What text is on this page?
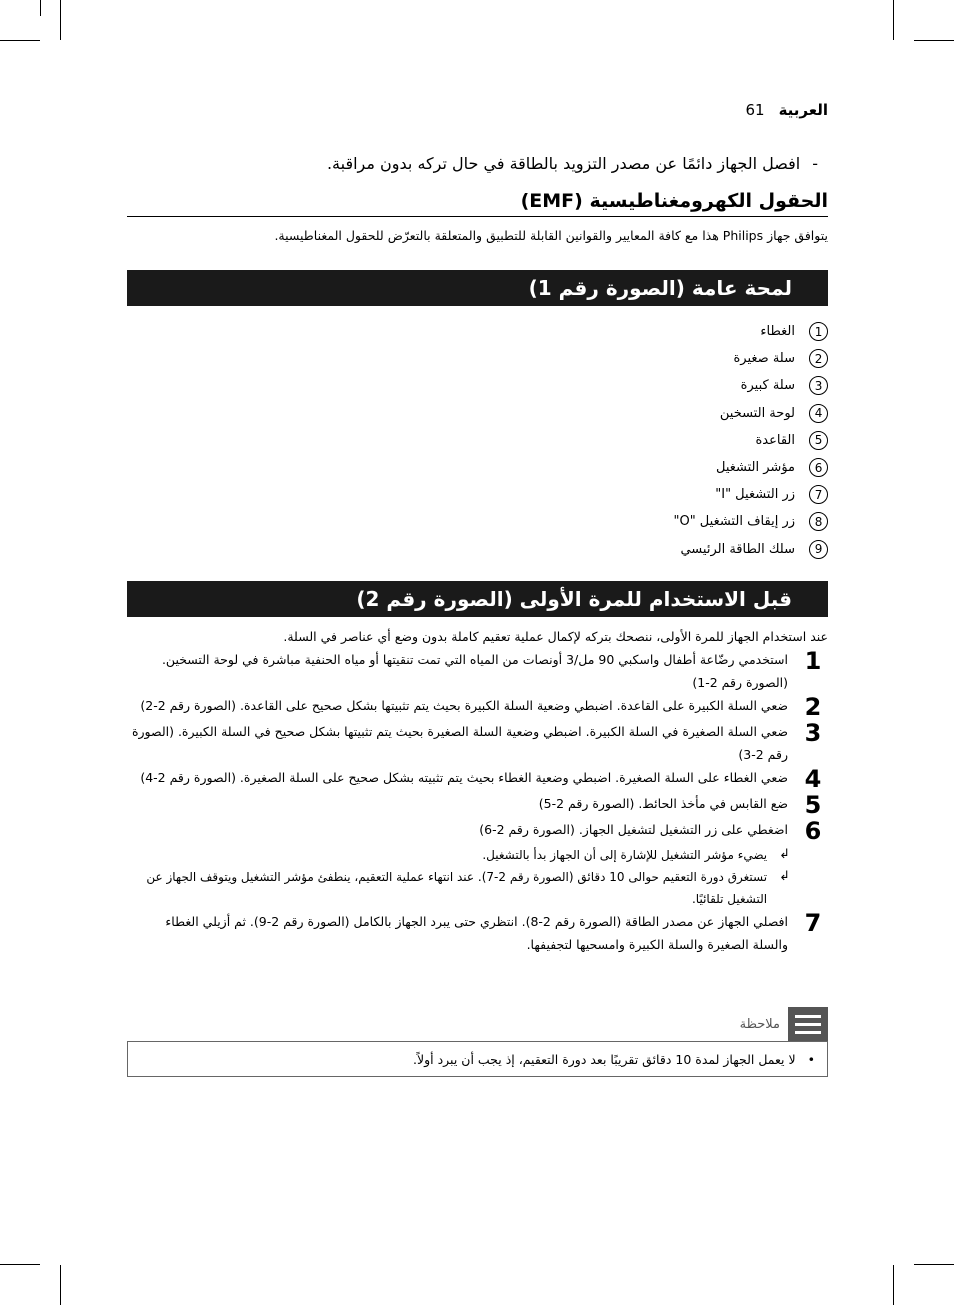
العربية
61
-
افصل الجهاز دائمًا عن مصدر التزويد بالطاقة في حال تركه بدون مراقبة.
الحقول الكهرومغناطيسية (EMF)
يتوافق جهاز Philips هذا مع كافة المعايير والقوانين القابلة للتطبيق والمتعلقة بالتعرّض للحقول المغناطيسية.
لمحة عامة (الصورة رقم 1)
1
الغطاء
2
سلة صغيرة
3
سلة كبيرة
4
لوحة التسخين
5
القاعدة
6
مؤشر التشغيل
7
زر التشغيل "I"
8
زر إيقاف التشغيل "O"
9
سلك الطاقة الرئيسي
قبل الاستخدام للمرة الأولى (الصورة رقم 2)
عند استخدام الجهاز للمرة الأولى، ننصحك بتركه لإكمال عملية تعقيم كاملة بدون وضع أي عناصر في السلة.
1
استخدمي رضّاعة أطفال واسكبي 90 مل/3 أونصات من المياه التي تمت تنقيتها أو مياه الحنفية مباشرة في لوحة التسخين. (الصورة رقم 2-1)
2
ضعي السلة الكبيرة على القاعدة. اضبطي وضعية السلة الكبيرة بحيث يتم تثبيتها بشكل صحيح على القاعدة. (الصورة رقم 2-2)
3
ضعي السلة الصغيرة في السلة الكبيرة. اضبطي وضعية السلة الصغيرة بحيث يتم تثبيتها بشكل صحيح في السلة الكبيرة. (الصورة رقم 2-3)
4
ضعي الغطاء على السلة الصغيرة. اضبطي وضعية الغطاء بحيث يتم تثبيته بشكل صحيح على السلة الصغيرة. (الصورة رقم 2-4)
5
ضع القابس في مأخذ الحائط. (الصورة رقم 2-5)
6
اضغطي على زر التشغيل لتشغيل الجهاز. (الصورة رقم 2-6)
↲
يضيء مؤشر التشغيل للإشارة إلى أن الجهاز بدأ بالتشغيل.
↲
تستغرق دورة التعقيم حوالى 10 دقائق (الصورة رقم 2-7). عند انتهاء عملية التعقيم، ينطفئ مؤشر التشغيل ويتوقف الجهاز عن التشغيل تلقائيًا.
7
افصلي الجهاز عن مصدر الطاقة (الصورة رقم 2-8). انتظري حتى يبرد الجهاز بالكامل (الصورة رقم 2-9). ثم أزيلي الغطاء والسلة الصغيرة والسلة الكبيرة وامسحيها لتجفيفها.
ملاحظة
•
لا يعمل الجهاز لمدة 10 دقائق تقريبًا بعد دورة التعقيم، إذ يجب أن يبرد أولاً.
